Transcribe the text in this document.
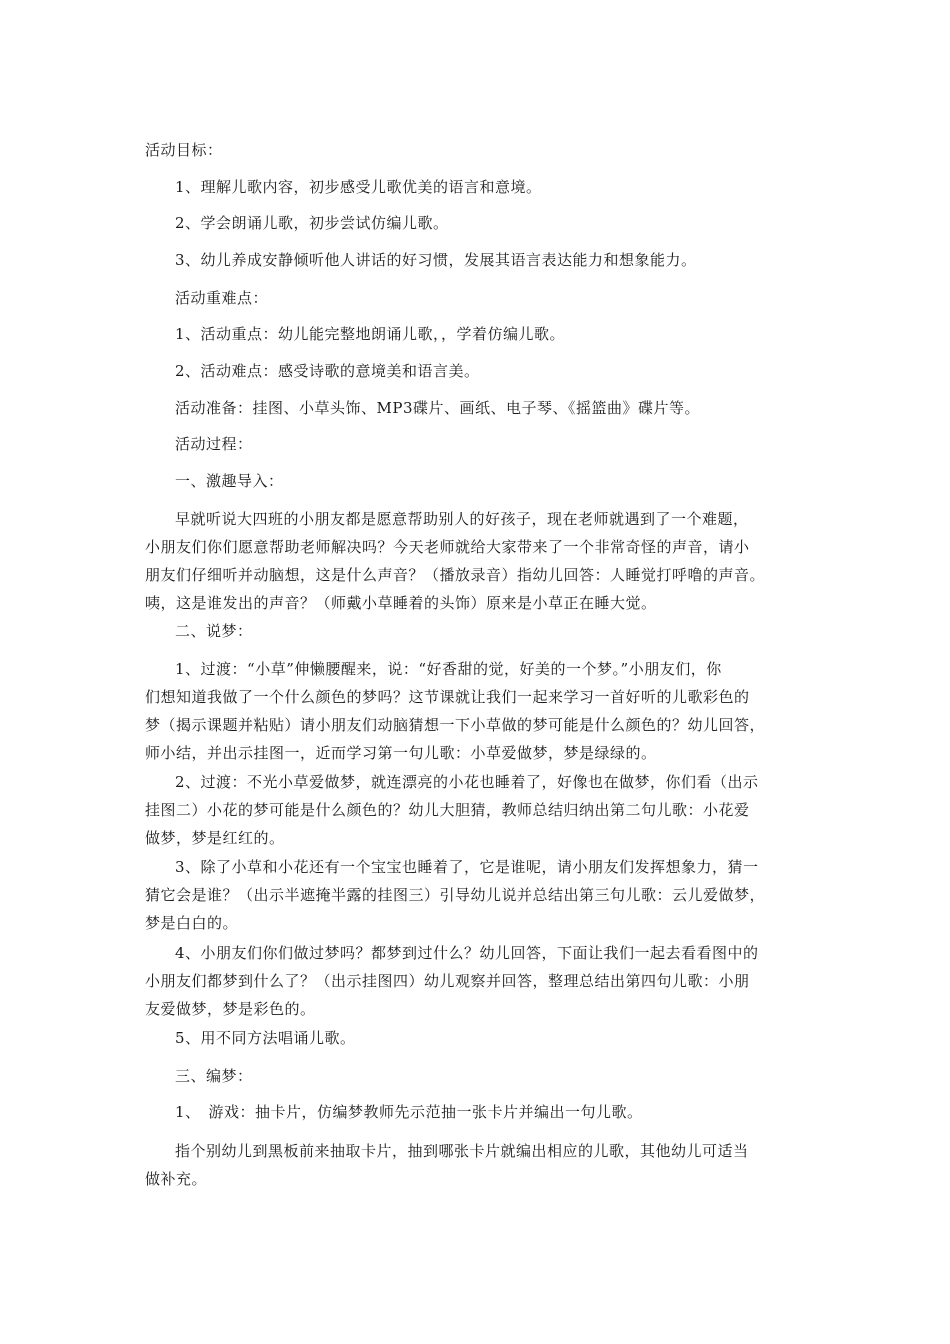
活动目标：

1、理解儿歌内容，初步感受儿歌优美的语言和意境。

2、学会朗诵儿歌，初步尝试仿编儿歌。

3、幼儿养成安静倾听他人讲话的好习惯，发展其语言表达能力和想象能力。

活动重难点：

1、活动重点：幼儿能完整地朗诵儿歌，，学着仿编儿歌。

2、活动难点：感受诗歌的意境美和语言美。

活动准备：挂图、小草头饰、MP3碟片、画纸、电子琴、《摇篮曲》碟片等。

活动过程：

一、激趣导入：

早就听说大四班的小朋友都是愿意帮助别人的好孩子，现在老师就遇到了一个难题，
小朋友们你们愿意帮助老师解决吗？今天老师就给大家带来了一个非常奇怪的声音，请小
朋友们仔细听并动脑想，这是什么声音？（播放录音）指幼儿回答：人睡觉打呼噜的声音。
咦，这是谁发出的声音？（师戴小草睡着的头饰）原来是小草正在睡大觉。

二、说梦：

1、过渡：“小草”伸懒腰醒来，说：“好香甜的觉，好美的一个梦。”小朋友们，你
们想知道我做了一个什么颜色的梦吗？这节课就让我们一起来学习一首好听的儿歌彩色的
梦（揭示课题并粘贴）请小朋友们动脑猜想一下小草做的梦可能是什么颜色的？幼儿回答，
师小结，并出示挂图一，近而学习第一句儿歌：小草爱做梦，梦是绿绿的。
2、过渡：不光小草爱做梦，就连漂亮的小花也睡着了，好像也在做梦，你们看（出示
挂图二）小花的梦可能是什么颜色的？幼儿大胆猜，教师总结归纳出第二句儿歌：小花爱
做梦，梦是红红的。
3、除了小草和小花还有一个宝宝也睡着了，它是谁呢，请小朋友们发挥想象力，猜一
猜它会是谁？（出示半遮掩半露的挂图三）引导幼儿说并总结出第三句儿歌：云儿爱做梦，
梦是白白的。
4、小朋友们你们做过梦吗？都梦到过什么？幼儿回答，下面让我们一起去看看图中的
小朋友们都梦到什么了？（出示挂图四）幼儿观察并回答，整理总结出第四句儿歌：小朋
友爱做梦，梦是彩色的。

5、用不同方法唱诵儿歌。

三、编梦：

1、　游戏：抽卡片，仿编梦教师先示范抽一张卡片并编出一句儿歌。

指个别幼儿到黑板前来抽取卡片，抽到哪张卡片就编出相应的儿歌，其他幼儿可适当
做补充。
